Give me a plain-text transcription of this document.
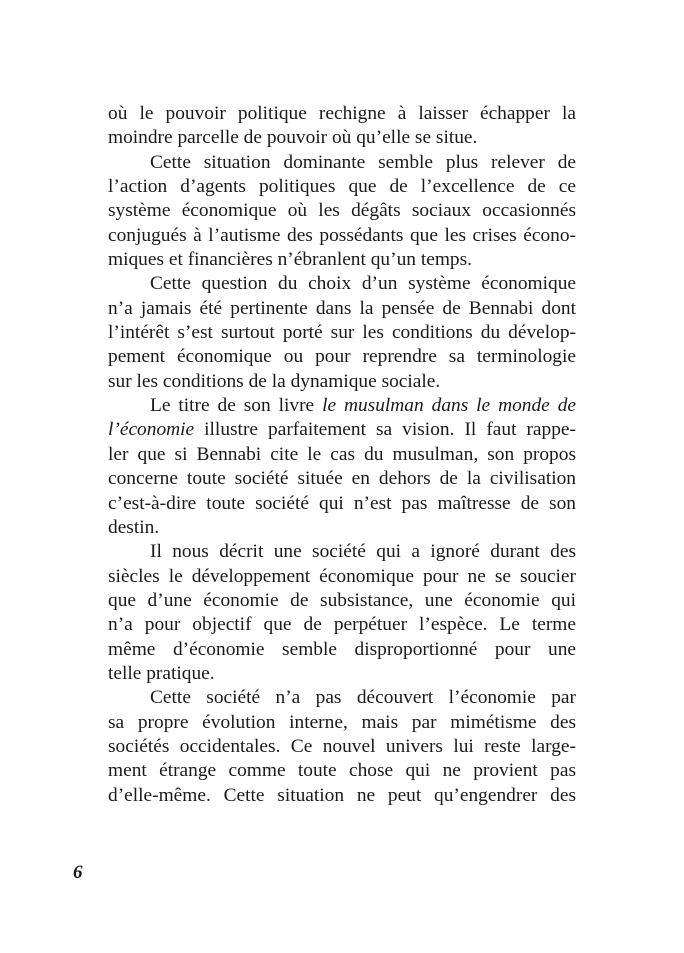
où le pouvoir politique rechigne à laisser échapper la
moindre parcelle de pouvoir où qu’elle se situe.
Cette situation dominante semble plus relever de
l’action d’agents politiques que de l’excellence de ce
système économique où les dégâts sociaux occasionnés
conjugués à l’autisme des possédants que les crises écono-
miques et financières n’ébranlent qu’un temps.
Cette question du choix d’un système économique
n’a jamais été pertinente dans la pensée de Bennabi dont
l’intérêt s’est surtout porté sur les conditions du dévelop-
pement économique ou pour reprendre sa terminologie
sur les conditions de la dynamique sociale.
Le titre de son livre le musulman dans le monde de
l’économie illustre parfaitement sa vision. Il faut rappe-
ler que si Bennabi cite le cas du musulman, son propos
concerne toute société située en dehors de la civilisation
c’est-à-dire toute société qui n’est pas maîtresse de son
destin.
Il nous décrit une société qui a ignoré durant des
siècles le développement économique pour ne se soucier
que d’une économie de subsistance, une économie qui
n’a pour objectif que de perpétuer l’espèce. Le terme
même d’économie semble disproportionné pour une
telle pratique.
Cette société n’a pas découvert l’économie par
sa propre évolution interne, mais par mimétisme des
sociétés occidentales. Ce nouvel univers lui reste large-
ment étrange comme toute chose qui ne provient pas
d’elle-même. Cette situation ne peut qu’engendrer des
6
